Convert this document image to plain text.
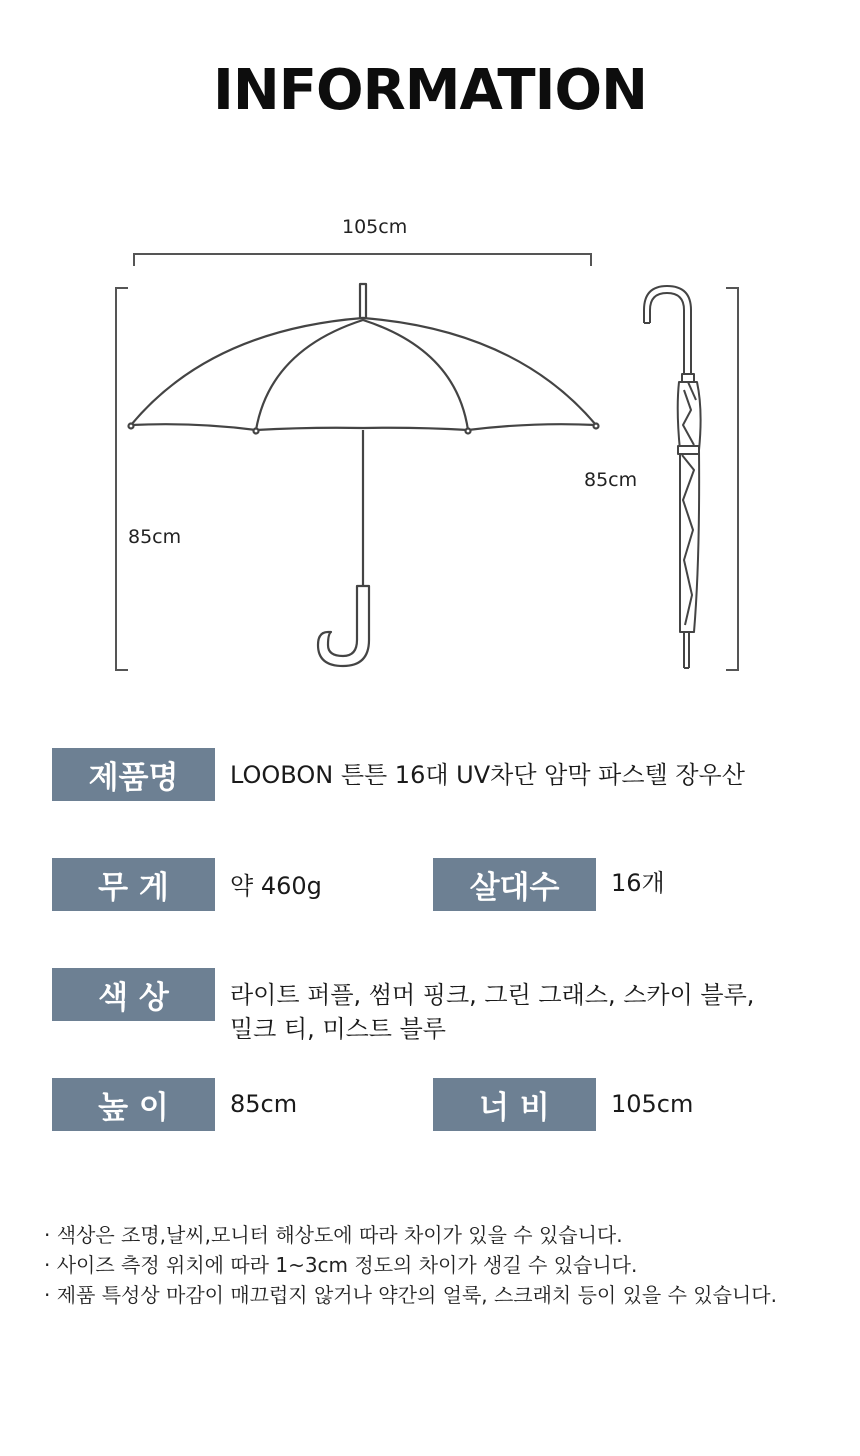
INFORMATION
105cm
85cm
85cm
제품명	LOOBON 튼튼 16대 UV차단 암막 파스텔 장우산
무 게	약 460g	살대수	16개
색 상	라이트 퍼플, 썸머 핑크, 그린 그래스, 스카이 블루,
밀크 티, 미스트 블루
높 이	85cm	너 비	105cm
· 색상은 조명,날씨,모니터 해상도에 따라 차이가 있을 수 있습니다.
· 사이즈 측정 위치에 따라 1~3cm 정도의 차이가 생길 수 있습니다.
· 제품 특성상 마감이 매끄럽지 않거나 약간의 얼룩, 스크래치 등이 있을 수 있습니다.
